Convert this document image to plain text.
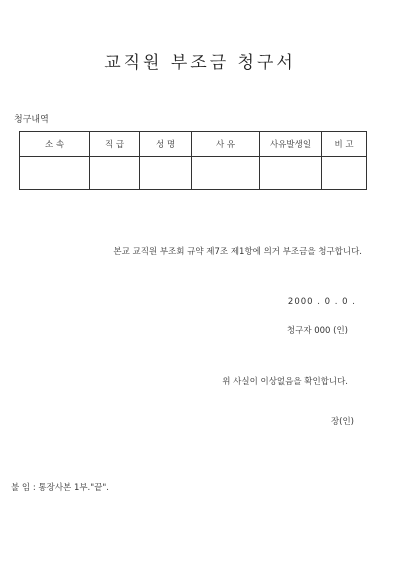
교직원 부조금 청구서
청구내역
소 속	직 급	성 명	사 유	사유발생일	비 고

본교 교직원 부조회 규약 제7조 제1항에 의거 부조금을 청구합니다.
2000 . 0 . 0 .
청구자 000 (인)
위 사실이 이상없음을 확인합니다.
장(인)
불 임 : 통장사본 1부."끝".
